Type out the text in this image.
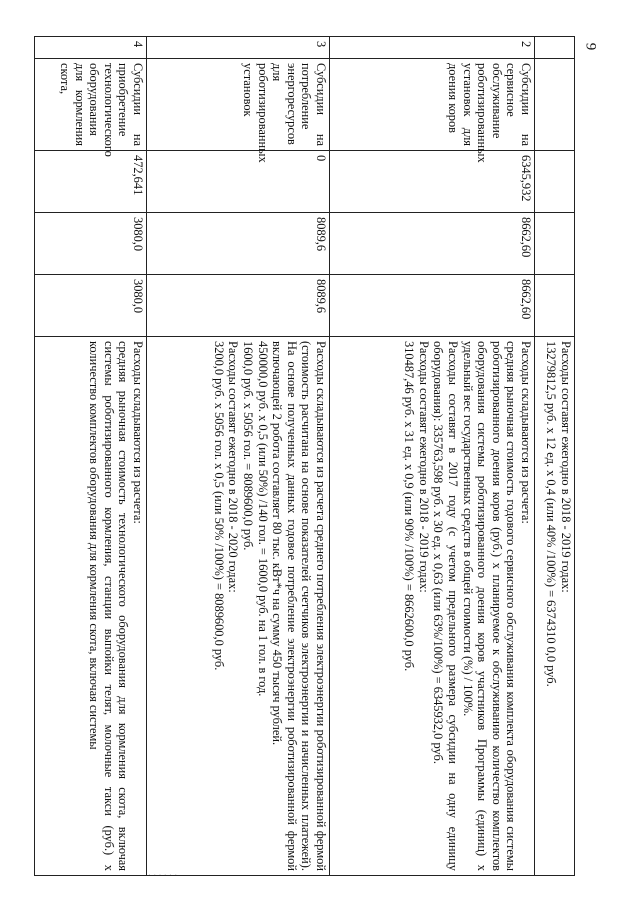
9
· · · · · ·

					Расходы составят ежегодно в 2018 - 2019 годах:
13279812,5 руб. х 12 ед. х 0,4 (или 40% /100%) = 6374310 0,0 руб.

2	Субсидии на сервисное обслуживание роботизированных установок для доения коров	6345,932	8662,60	8662,60	Расходы складываются из расчета:
средняя рыночная стоимость годового сервисного обслуживания комплекта оборудования системы роботизированного доения коров (руб.) х планируемое к обслуживанию количество комплектов оборудования системы роботизированного доения коров участников Программы (единиц) х удельный вес государственных средств в общей стоимости (%) / 100%.
Расходы составят в 2017 году (с учетом предельного размера субсидии на одну единицу оборудования): 335763,598 руб. х 30 ед. х 0,63 (или 63%/100%) = 6345932,0 руб.
Расходы составят ежегодно в 2018 - 2019 годах:
310487,46 руб. х 31 ед. х 0,9 (или 90% /100%) = 8662600,0 руб.

3	Субсидии на потребление энергоресурсов для роботизированных установок	0	8089,6	8089,6	Расходы складываются из расчета среднего потребления электроэнергии роботизированной фермой (стоимость расчитана на основе показателей счетчиков электроэнергии и начисленных платежей). На основе полученных данных годовое потребление электроэнергии роботизированной фермой включающей 2 робота составляет 80 тыс. кВт*ч на сумму 450 тысяч рублей.
450000,0 руб. х 0,5 (или 50%) /140 гол. = 1600,0 руб. на 1 гол. в год.
1600,0 руб. х 5056 гол. = 8089600,0 руб.
Расходы составят ежегодно в 2018 - 2020 годах:
3200,0 руб. х 5056 гол. х 0,5 (или 50% /100%) = 8089600,0 руб.

4	Субсидии на приобретение технологического оборудования для кормления скота,	472,641	3080,0	3080,0	Расходы складываются из расчета:
средняя рыночная стоимость технологического оборудования для кормления скота, включая системы роботизированного кормления, станции выпойки телят, молочные такси (руб.) х количество комплектов оборудования для кормления скота, включая системы
